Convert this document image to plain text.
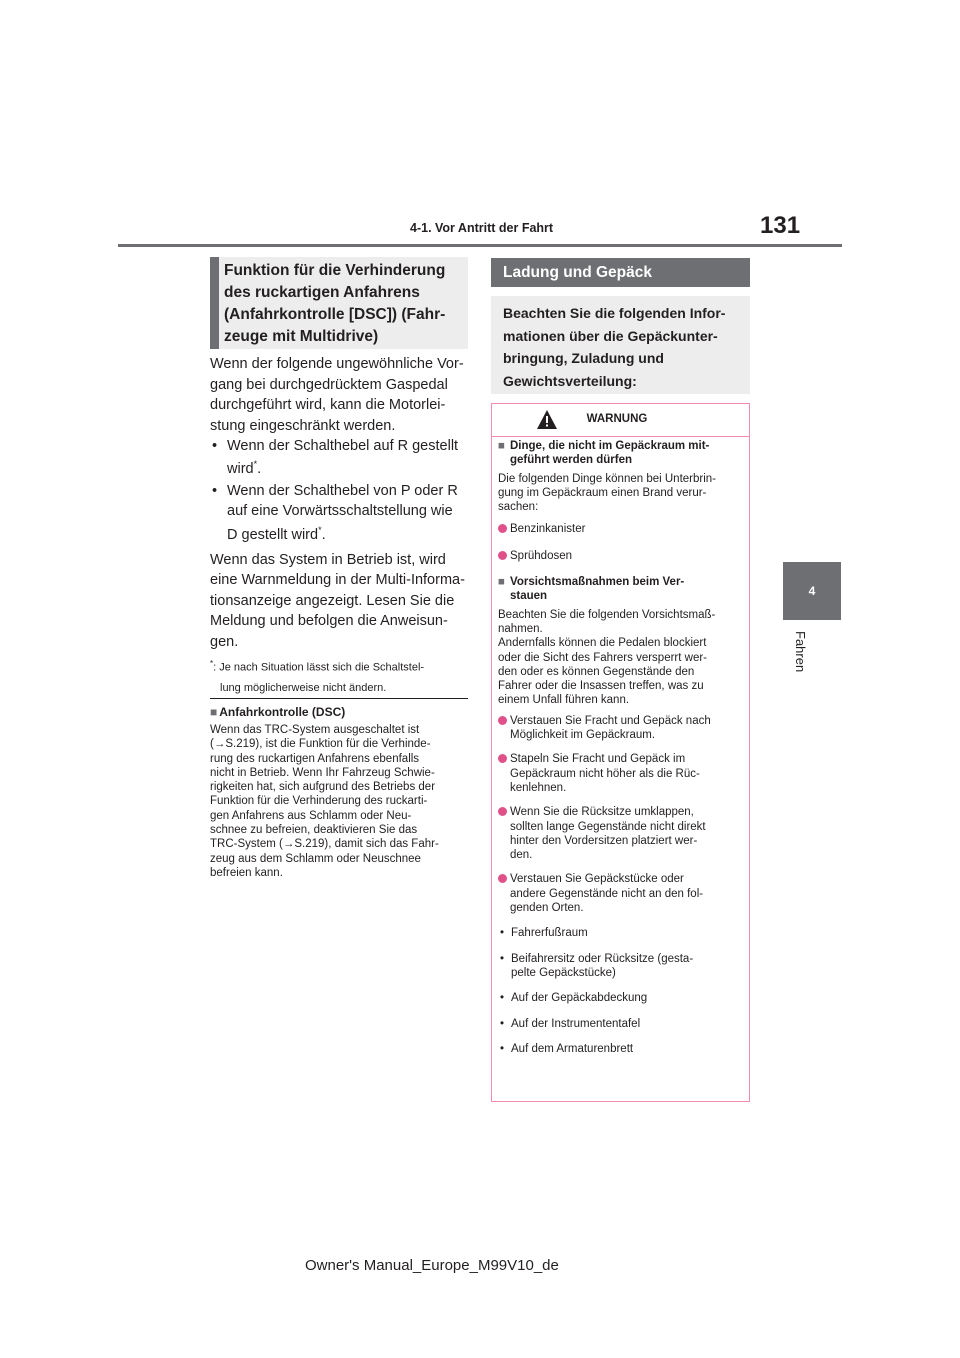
4-1. Vor Antritt der Fahrt	131
4
Fahren
Funktion für die Verhinderung
des ruckartigen Anfahrens
(Anfahrkontrolle [DSC]) (Fahr-
zeuge mit Multidrive)

Wenn der folgende ungewöhnliche Vor-
gang bei durchgedrücktem Gaspedal
durchgeführt wird, kann die Motorlei-
stung eingeschränkt werden.

• Wenn der Schalthebel auf R gestellt
wird*.
• Wenn der Schalthebel von P oder R
auf eine Vorwärtsschaltstellung wie
D gestellt wird*.

Wenn das System in Betrieb ist, wird
eine Warnmeldung in der Multi-Informa-
tionsanzeige angezeigt. Lesen Sie die
Meldung und befolgen die Anweisun-
gen.

*: Je nach Situation lässt sich die Schaltstel-
lung möglicherweise nicht ändern.
■ Anfahrkontrolle (DSC)
Wenn das TRC-System ausgeschaltet ist
(→S.219), ist die Funktion für die Verhinde-
rung des ruckartigen Anfahrens ebenfalls
nicht in Betrieb. Wenn Ihr Fahrzeug Schwie-
rigkeiten hat, sich aufgrund des Betriebs der
Funktion für die Verhinderung des ruckarti-
gen Anfahrens aus Schlamm oder Neu-
schnee zu befreien, deaktivieren Sie das
TRC-System (→S.219), damit sich das Fahr-
zeug aus dem Schlamm oder Neuschnee
befreien kann.
Ladung und Gepäck
Beachten Sie die folgenden Infor-
mationen über die Gepäckunter-
bringung, Zuladung und
Gewichtsverteilung:
WARNUNG
■ Dinge, die nicht im Gepäckraum mit-
geführt werden dürfen

Die folgenden Dinge können bei Unterbrin-
gung im Gepäckraum einen Brand verur-
sachen:

Benzinkanister
Sprühdosen
■ Vorsichtsmaßnahmen beim Ver-
stauen

Beachten Sie die folgenden Vorsichtsmaß-
nahmen.
Andernfalls können die Pedalen blockiert
oder die Sicht des Fahrers versperrt wer-
den oder es können Gegenstände den
Fahrer oder die Insassen treffen, was zu
einem Unfall führen kann.

Verstauen Sie Fracht und Gepäck nach
Möglichkeit im Gepäckraum.
Stapeln Sie Fracht und Gepäck im
Gepäckraum nicht höher als die Rüc-
kenlehnen.
Wenn Sie die Rücksitze umklappen,
sollten lange Gegenstände nicht direkt
hinter den Vordersitzen platziert wer-
den.
Verstauen Sie Gepäckstücke oder
andere Gegenstände nicht an den fol-
genden Orten.
• Fahrerfußraum
• Beifahrersitz oder Rücksitze (gesta-
pelte Gepäckstücke)
• Auf der Gepäckabdeckung
• Auf der Instrumententafel
• Auf dem Armaturenbrett
Owner's Manual_Europe_M99V10_de
